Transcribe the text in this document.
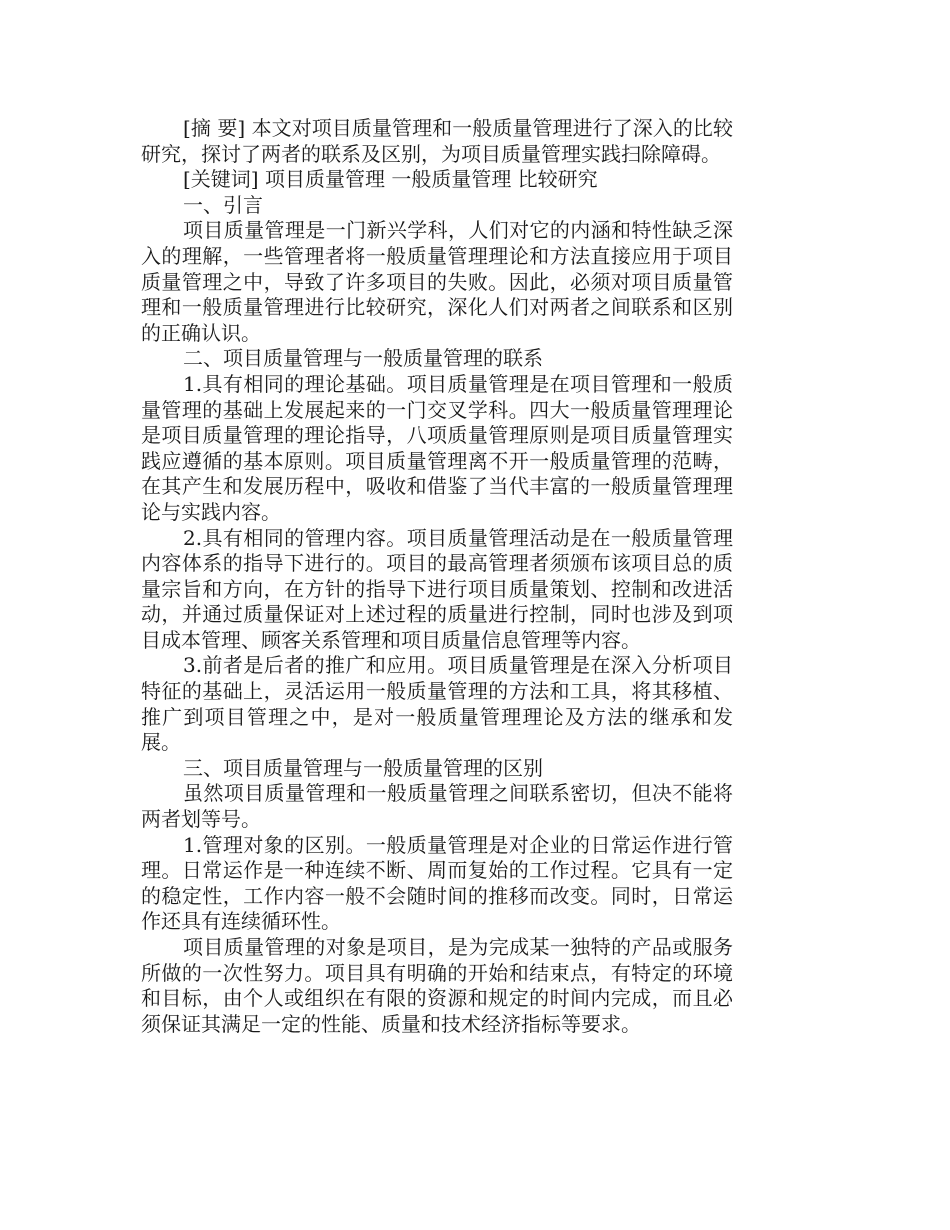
[摘 要] 本文对项目质量管理和一般质量管理进行了深入的比较研究，探讨了两者的联系及区别，为项目质量管理实践扫除障碍。

[关键词] 项目质量管理 一般质量管理 比较研究

一、引言

项目质量管理是一门新兴学科，人们对它的内涵和特性缺乏深入的理解，一些管理者将一般质量管理理论和方法直接应用于项目质量管理之中，导致了许多项目的失败。因此，必须对项目质量管理和一般质量管理进行比较研究，深化人们对两者之间联系和区别的正确认识。

二、项目质量管理与一般质量管理的联系

1.具有相同的理论基础。项目质量管理是在项目管理和一般质量管理的基础上发展起来的一门交叉学科。四大一般质量管理理论是项目质量管理的理论指导，八项质量管理原则是项目质量管理实践应遵循的基本原则。项目质量管理离不开一般质量管理的范畴，在其产生和发展历程中，吸收和借鉴了当代丰富的一般质量管理理论与实践内容。

2.具有相同的管理内容。项目质量管理活动是在一般质量管理内容体系的指导下进行的。项目的最高管理者须颁布该项目总的质量宗旨和方向，在方针的指导下进行项目质量策划、控制和改进活动，并通过质量保证对上述过程的质量进行控制，同时也涉及到项目成本管理、顾客关系管理和项目质量信息管理等内容。

3.前者是后者的推广和应用。项目质量管理是在深入分析项目特征的基础上，灵活运用一般质量管理的方法和工具，将其移植、推广到项目管理之中，是对一般质量管理理论及方法的继承和发展。

三、项目质量管理与一般质量管理的区别

虽然项目质量管理和一般质量管理之间联系密切，但决不能将两者划等号。

1.管理对象的区别。一般质量管理是对企业的日常运作进行管理。日常运作是一种连续不断、周而复始的工作过程。它具有一定的稳定性，工作内容一般不会随时间的推移而改变。同时，日常运作还具有连续循环性。

项目质量管理的对象是项目，是为完成某一独特的产品或服务所做的一次性努力。项目具有明确的开始和结束点，有特定的环境和目标，由个人或组织在有限的资源和规定的时间内完成，而且必须保证其满足一定的性能、质量和技术经济指标等要求。
